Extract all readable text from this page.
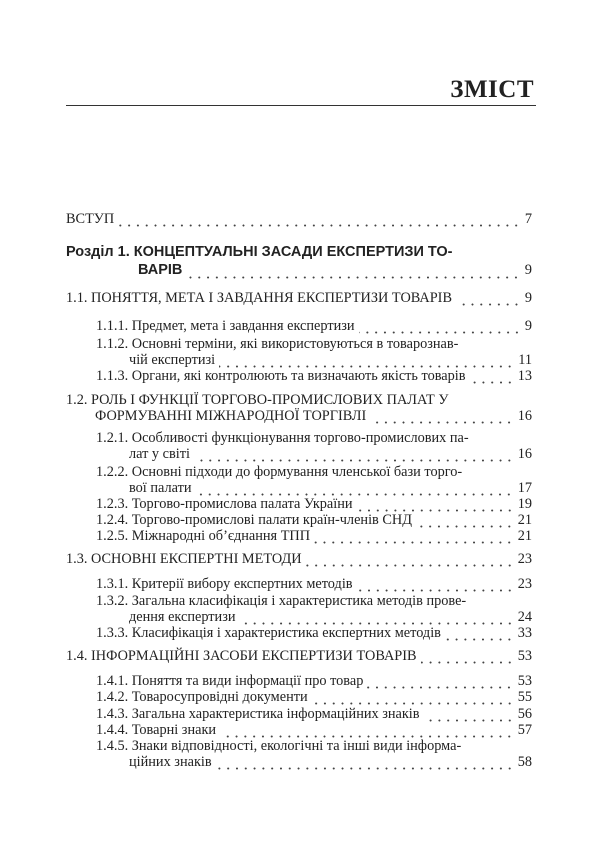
ЗМІСТ
ВСТУП	7
Розділ 1. КОНЦЕПТУАЛЬНІ ЗАСАДИ ЕКСПЕРТИЗИ ТО-
ВАРІВ	9
1.1. ПОНЯТТЯ, МЕТА І ЗАВДАННЯ ЕКСПЕРТИЗИ ТОВАРІВ	9
1.1.1. Предмет, мета і завдання експертизи	9
1.1.2. Основні терміни, які використовуються в товарознав-
чій експертизі	11
1.1.3. Органи, які контролюють та визначають якість товарів	13
1.2. РОЛЬ І ФУНКЦІЇ ТОРГОВО-ПРОМИСЛОВИХ ПАЛАТ У
ФОРМУВАННІ МІЖНАРОДНОЇ ТОРГІВЛІ	16
1.2.1. Особливості функціонування торгово-промислових па-
лат у світі	16
1.2.2. Основні підходи до формування членської бази торго-
вої палати	17
1.2.3. Торгово-промислова палата України	19
1.2.4. Торгово-промислові палати країн-членів СНД	21
1.2.5. Міжнародні об’єднання ТПП	21
1.3. ОСНОВНІ ЕКСПЕРТНІ МЕТОДИ	23
1.3.1. Критерії вибору експертних методів	23
1.3.2. Загальна класифікація і характеристика методів прове-
дення експертизи	24
1.3.3. Класифікація і характеристика експертних методів	33
1.4. ІНФОРМАЦІЙНІ ЗАСОБИ ЕКСПЕРТИЗИ ТОВАРІВ	53
1.4.1. Поняття та види інформації про товар	53
1.4.2. Товаросупровідні документи	55
1.4.3. Загальна характеристика інформаційних знаків	56
1.4.4. Товарні знаки	57
1.4.5. Знаки відповідності, екологічні та інші види інформа-
ційних знаків	58
